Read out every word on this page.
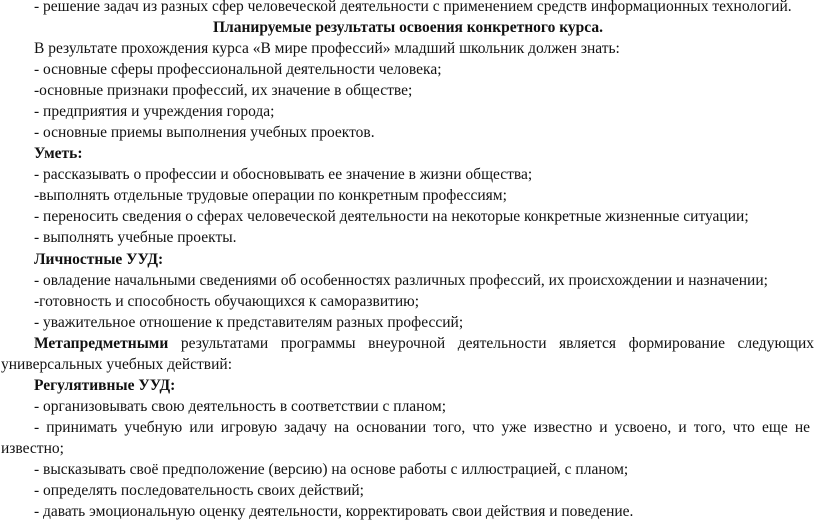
- решение задач из разных сфер человеческой деятельности с применением средств информационных технологий.
Планируемые результаты освоения конкретного курса.
В результате прохождения курса «В мире профессий» младший школьник должен знать:
- основные сферы профессиональной деятельности человека;
-основные признаки профессий, их значение в обществе;
- предприятия и учреждения города;
- основные приемы выполнения учебных проектов.
Уметь:
- рассказывать о профессии и обосновывать ее значение в жизни общества;
-выполнять отдельные трудовые операции по конкретным профессиям;
- переносить сведения о сферах человеческой деятельности на некоторые конкретные жизненные ситуации;
- выполнять учебные проекты.
Личностные УУД:
- овладение начальными сведениями об особенностях различных профессий, их происхождении и назначении;
-готовность и способность обучающихся к саморазвитию;
- уважительное отношение к представителям разных профессий;
Метапредметными результатами программы внеурочной деятельности является формирование следующих
универсальных учебных действий:
Регулятивные УУД:
- организовывать свою деятельность в соответствии с планом;
- принимать учебную или игровую задачу на основании того, что уже известно и усвоено, и того, что еще не
известно;
- высказывать своё предположение (версию) на основе работы с иллюстрацией, с планом;
- определять последовательность своих действий;
- давать эмоциональную оценку деятельности, корректировать свои действия и поведение.
